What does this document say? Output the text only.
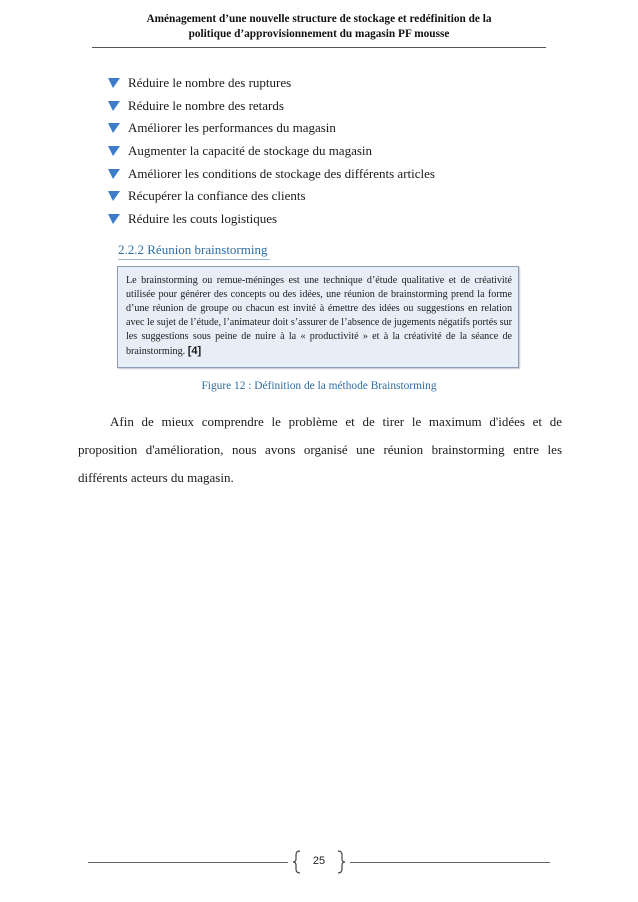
Aménagement d’une nouvelle structure de stockage et redéfinition de la
politique d’approvisionnement du magasin PF mousse
Réduire le nombre des ruptures
Réduire le nombre des retards
Améliorer les performances du magasin
Augmenter la capacité de stockage du magasin
Améliorer les conditions de stockage des différents articles
Récupérer la confiance des clients
Réduire les couts logistiques
2.2.2 Réunion brainstorming

Le brainstorming ou remue-méninges est une technique d’étude qualitative et de créativité utilisée pour générer des concepts ou des idées, une réunion de brainstorming prend la forme d’une réunion de groupe ou chacun est invité à émettre des idées ou suggestions en relation avec le sujet de l’étude, l’animateur doit s’assurer de l’absence de jugements négatifs portés sur les suggestions sous peine de nuire à la « productivité » et à la créativité de la séance de brainstorming. [4]

Figure 12 : Définition de la méthode Brainstorming

Afin de mieux comprendre le problème et de tirer le maximum d'idées et de proposition d'amélioration, nous avons organisé une réunion brainstorming entre les différents acteurs du magasin.

25
